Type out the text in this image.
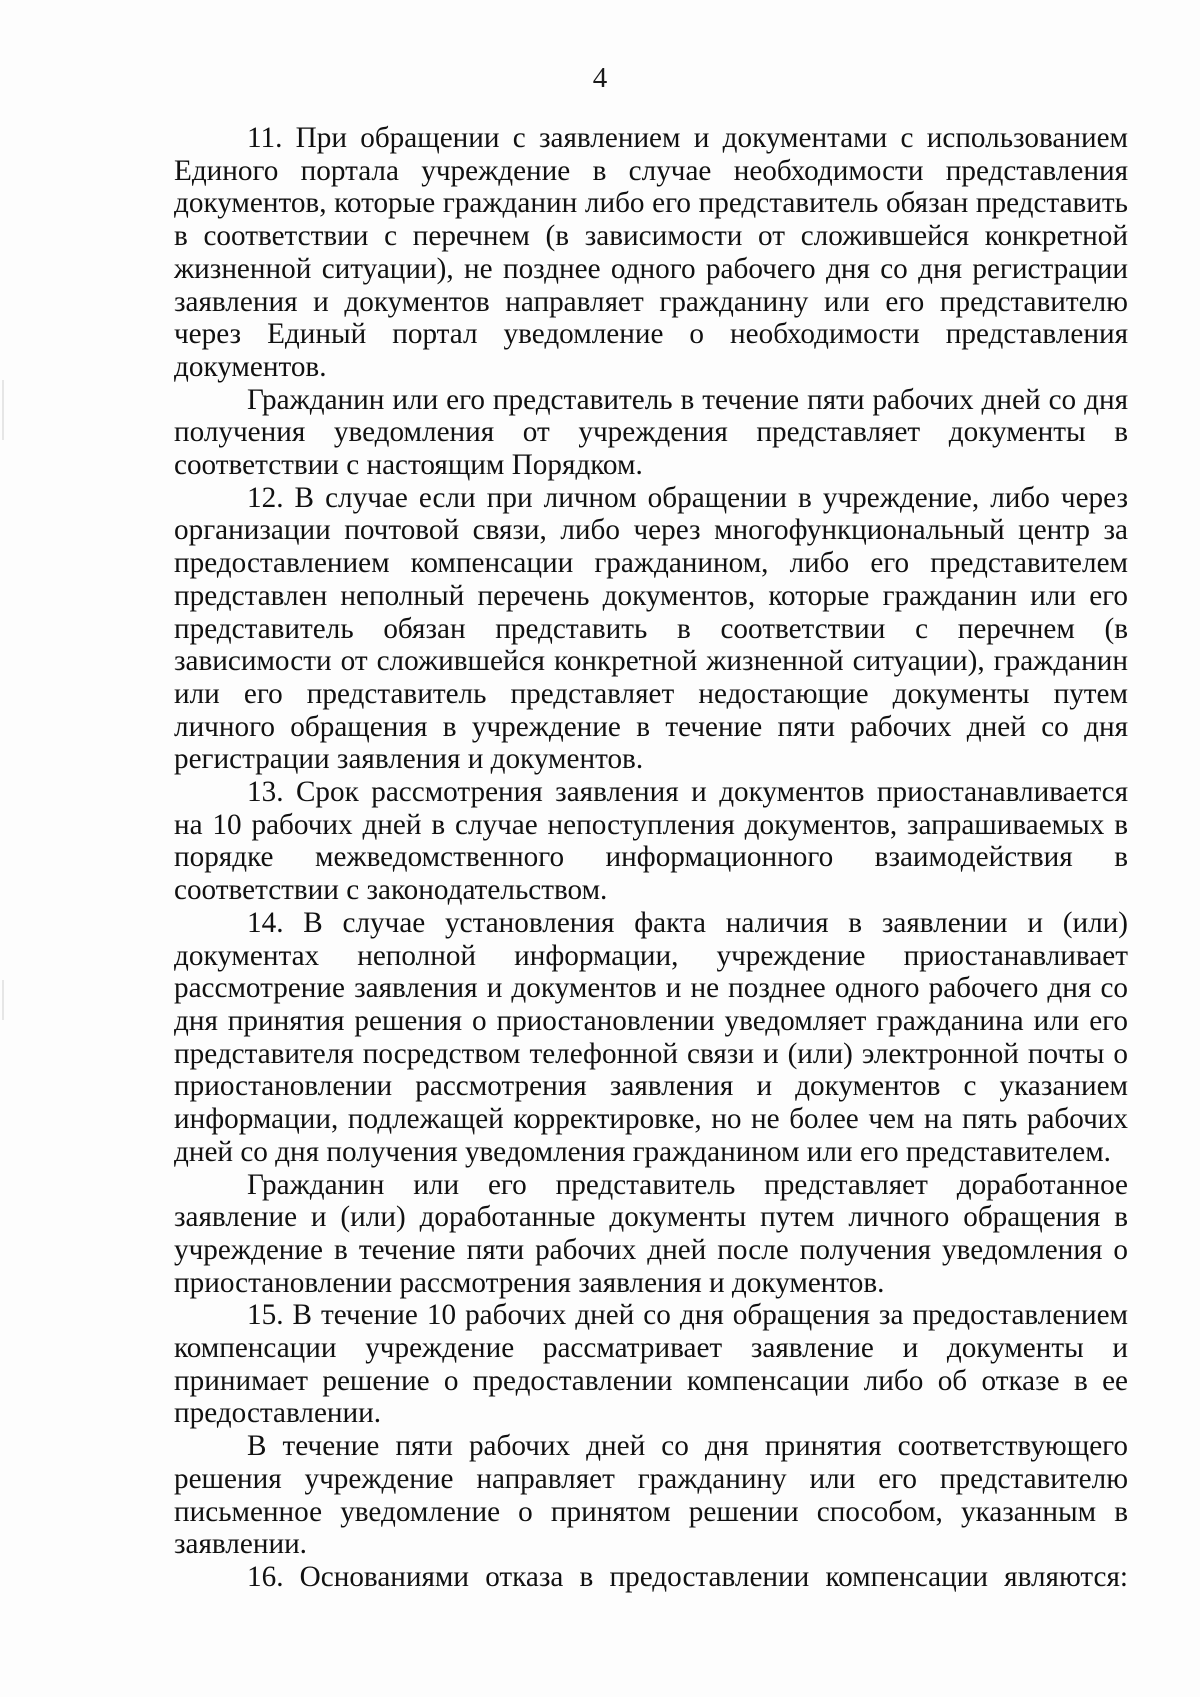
4

11. При обращении с заявлением и документами с использованием Единого портала учреждение в случае необходимости представления документов, которые гражданин либо его представитель обязан представить в соответствии с перечнем (в зависимости от сложившейся конкретной жизненной ситуации), не позднее одного рабочего дня со дня регистрации заявления и документов направляет гражданину или его представителю через Единый портал уведомление о необходимости представления документов.

Гражданин или его представитель в течение пяти рабочих дней со дня получения уведомления от учреждения представляет документы в соответствии с настоящим Порядком.

12. В случае если при личном обращении в учреждение, либо через организации почтовой связи, либо через многофункциональный центр за предоставлением компенсации гражданином, либо его представителем представлен неполный перечень документов, которые гражданин или его представитель обязан представить в соответствии с перечнем (в зависимости от сложившейся конкретной жизненной ситуации), гражданин или его представитель представляет недостающие документы путем личного обращения в учреждение в течение пяти рабочих дней со дня регистрации заявления и документов.

13. Срок рассмотрения заявления и документов приостанавливается на 10 рабочих дней в случае непоступления документов, запрашиваемых в порядке межведомственного информационного взаимодействия в соответствии с законодательством.

14. В случае установления факта наличия в заявлении и (или) документах неполной информации, учреждение приостанавливает рассмотрение заявления и документов и не позднее одного рабочего дня со дня принятия решения о приостановлении уведомляет гражданина или его представителя посредством телефонной связи и (или) электронной почты о приостановлении рассмотрения заявления и документов с указанием информации, подлежащей корректировке, но не более чем на пять рабочих дней со дня получения уведомления гражданином или его представителем.

Гражданин или его представитель представляет доработанное заявление и (или) доработанные документы путем личного обращения в учреждение в течение пяти рабочих дней после получения уведомления о приостановлении рассмотрения заявления и документов.

15. В течение 10 рабочих дней со дня обращения за предоставлением компенсации учреждение рассматривает заявление и документы и принимает решение о предоставлении компенсации либо об отказе в ее предоставлении.

В течение пяти рабочих дней со дня принятия соответствующего решения учреждение направляет гражданину или его представителю письменное уведомление о принятом решении способом, указанным в заявлении.

16. Основаниями отказа в предоставлении компенсации являются:
